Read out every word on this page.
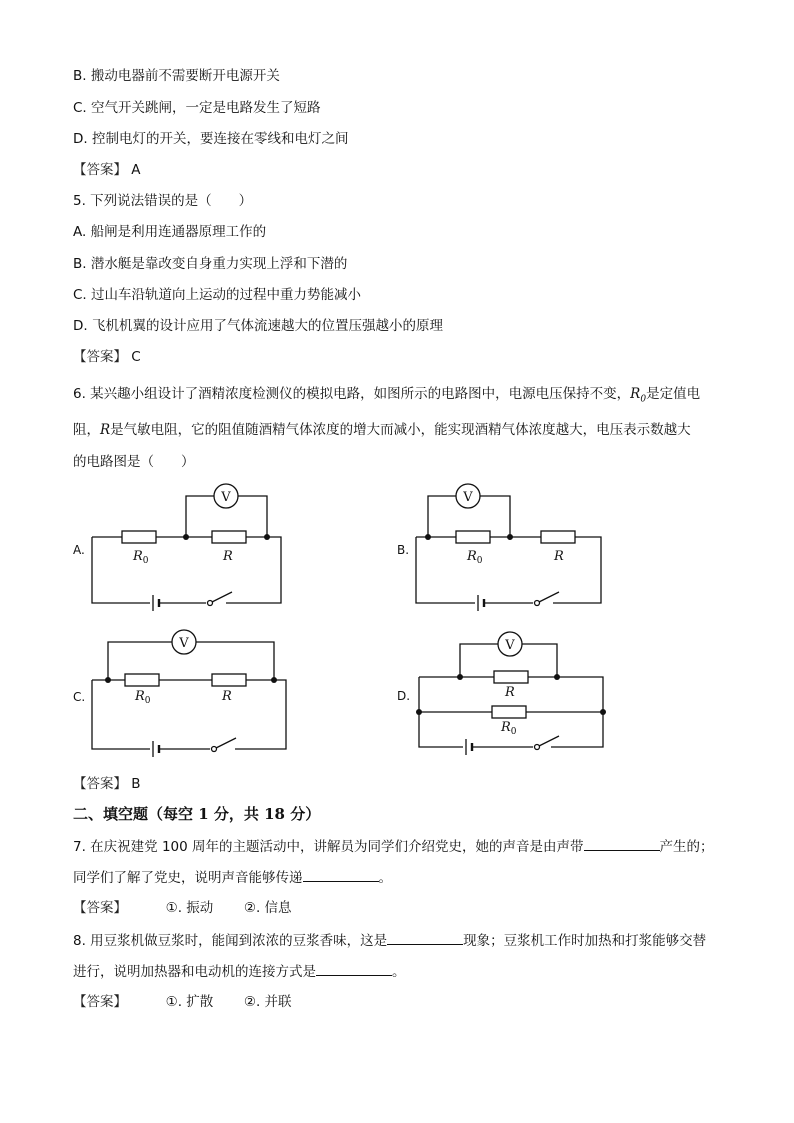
B. 搬动电器前不需要断开电源开关
C. 空气开关跳闸，一定是电路发生了短路
D. 控制电灯的开关，要连接在零线和电灯之间
【答案】 A
5. 下列说法错误的是（　　）
A. 船闸是利用连通器原理工作的
B. 潜水艇是靠改变自身重力实现上浮和下潜的
C. 过山车沿轨道向上运动的过程中重力势能减小
D. 飞机机翼的设计应用了气体流速越大的位置压强越小的原理
【答案】 C
6. 某兴趣小组设计了酒精浓度检测仪的模拟电路，如图所示的电路图中，电源电压保持不变，$R_0$是定值电
阻，R是气敏电阻，它的阻值随酒精气体浓度的增大而减小，能实现酒精气体浓度越大，电压表示数越大
的电路图是（　　）
V	V
V	V
$R_0$	R	$R_0$	R
$R_0$	R	R
$R_0$
A.	B.
C.	D.
【答案】 B
二、填空题（每空 1 分，共 18 分）
7. 在庆祝建党 100 周年的主题活动中，讲解员为同学们介绍党史，她的声音是由声带	产生的；
同学们了解了党史，说明声音能够传递	。
【答案】	①. 振动 ②. 信息
8. 用豆浆机做豆浆时，能闻到浓浓的豆浆香味，这是	现象；豆浆机工作时加热和打浆能够交替
进行，说明加热器和电动机的连接方式是	。
【答案】	①. 扩散 ②. 并联
